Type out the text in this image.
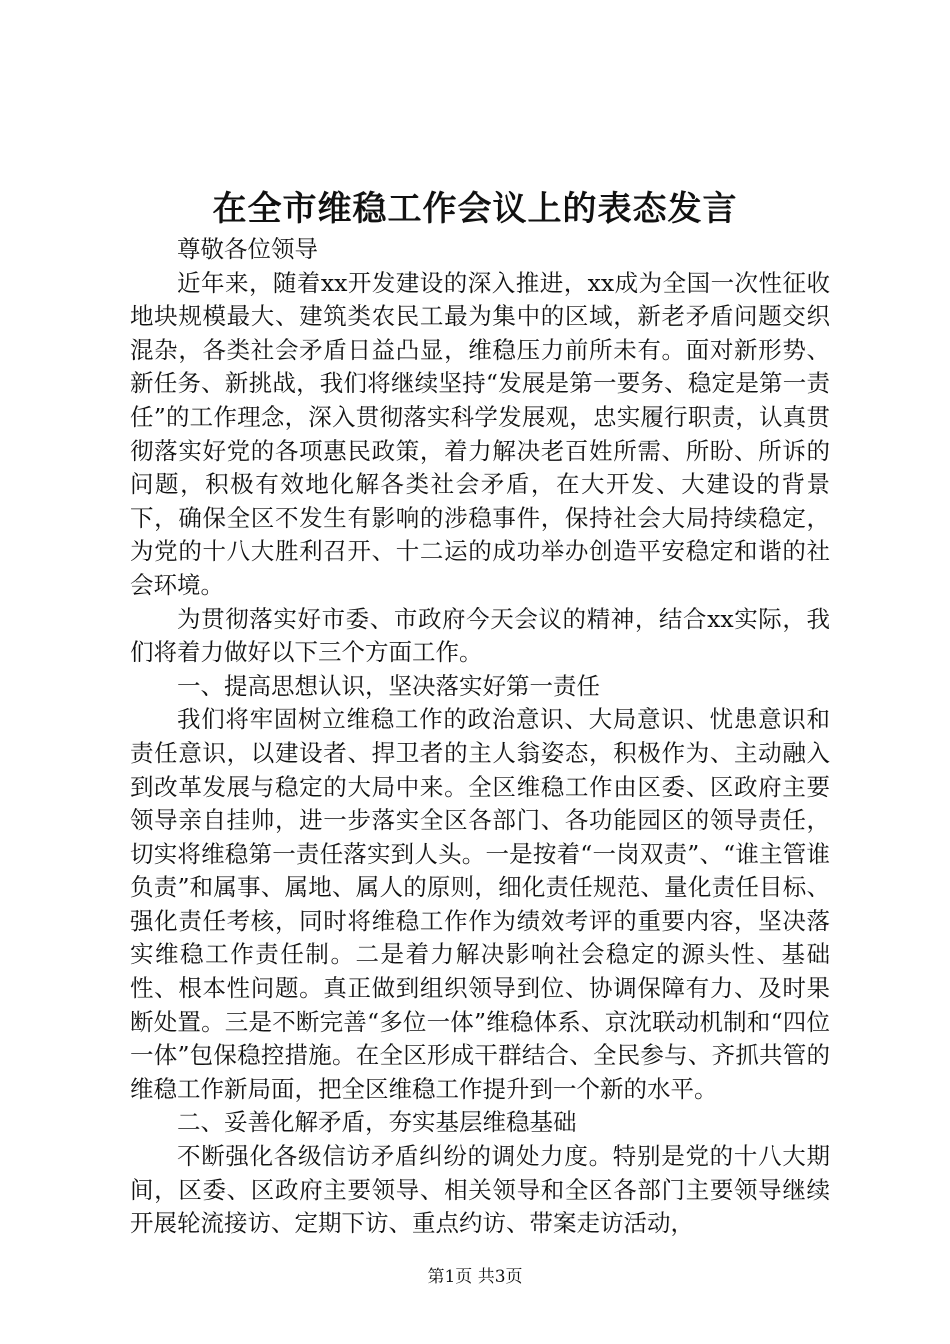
在全市维稳工作会议上的表态发言

尊敬各位领导

近年来，随着xx开发建设的深入推进，xx成为全国一次性征收地块规模最大、建筑类农民工最为集中的区域，新老矛盾问题交织混杂，各类社会矛盾日益凸显，维稳压力前所未有。面对新形势、新任务、新挑战，我们将继续坚持“发展是第一要务、稳定是第一责任”的工作理念，深入贯彻落实科学发展观，忠实履行职责，认真贯彻落实好党的各项惠民政策，着力解决老百姓所需、所盼、所诉的问题，积极有效地化解各类社会矛盾，在大开发、大建设的背景下，确保全区不发生有影响的涉稳事件，保持社会大局持续稳定，为党的十八大胜利召开、十二运的成功举办创造平安稳定和谐的社会环境。

为贯彻落实好市委、市政府今天会议的精神，结合xx实际，我们将着力做好以下三个方面工作。

一、提高思想认识，坚决落实好第一责任

我们将牢固树立维稳工作的政治意识、大局意识、忧患意识和责任意识，以建设者、捍卫者的主人翁姿态，积极作为、主动融入到改革发展与稳定的大局中来。全区维稳工作由区委、区政府主要领导亲自挂帅，进一步落实全区各部门、各功能园区的领导责任，切实将维稳第一责任落实到人头。一是按着“一岗双责”、“谁主管谁负责”和属事、属地、属人的原则，细化责任规范、量化责任目标、强化责任考核，同时将维稳工作作为绩效考评的重要内容，坚决落实维稳工作责任制。二是着力解决影响社会稳定的源头性、基础性、根本性问题。真正做到组织领导到位、协调保障有力、及时果断处置。三是不断完善“多位一体”维稳体系、京沈联动机制和“四位一体”包保稳控措施。在全区形成干群结合、全民参与、齐抓共管的维稳工作新局面，把全区维稳工作提升到一个新的水平。

二、妥善化解矛盾，夯实基层维稳基础

不断强化各级信访矛盾纠纷的调处力度。特别是党的十八大期间，区委、区政府主要领导、相关领导和全区各部门主要领导继续开展轮流接访、定期下访、重点约访、带案走访活动，

第1页 共3页
